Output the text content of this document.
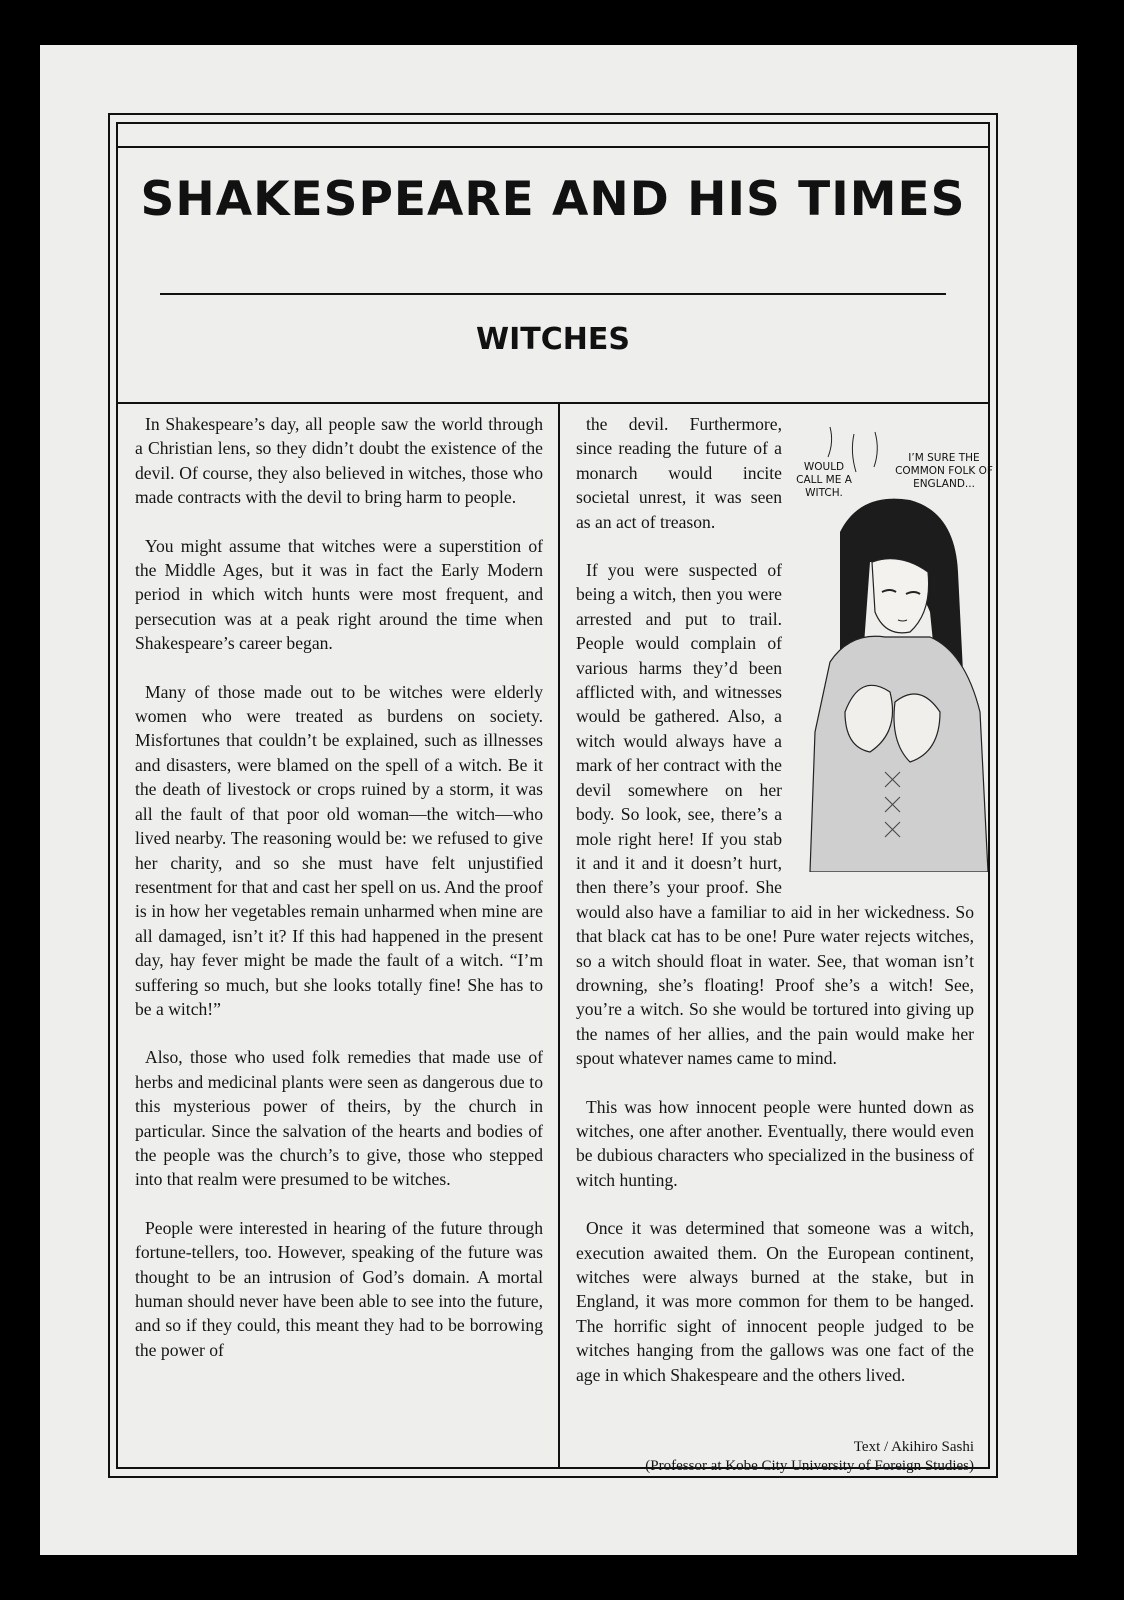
SHAKESPEARE AND HIS TIMES
WITCHES

In Shakespeare’s day, all people saw the world through a Christian lens, so they didn’t doubt the existence of the devil. Of course, they also believed in witches, those who made contracts with the devil to bring harm to people.

You might assume that witches were a superstition of the Middle Ages, but it was in fact the Early Modern period in which witch hunts were most frequent, and persecution was at a peak right around the time when Shakespeare’s career began.

Many of those made out to be witches were elderly women who were treated as burdens on society. Misfortunes that couldn’t be explained, such as illnesses and disasters, were blamed on the spell of a witch. Be it the death of livestock or crops ruined by a storm, it was all the fault of that poor old woman—the witch—who lived nearby. The reasoning would be: we refused to give her charity, and so she must have felt unjustified resentment for that and cast her spell on us. And the proof is in how her vegetables remain unharmed when mine are all damaged, isn’t it? If this had happened in the present day, hay fever might be made the fault of a witch. “I’m suffering so much, but she looks totally fine! She has to be a witch!”

Also, those who used folk remedies that made use of herbs and medicinal plants were seen as dangerous due to this mysterious power of theirs, by the church in particular. Since the salvation of the hearts and bodies of the people was the church’s to give, those who stepped into that realm were presumed to be witches.

People were interested in hearing of the future through fortune-tellers, too. However, speaking of the future was thought to be an intrusion of God’s domain. A mortal human should never have been able to see into the future, and so if they could, this meant they had to be borrowing the power of

WOULD CALL ME A WITCH.
I’M SURE THE COMMON FOLK OF ENGLAND...

the devil. Furthermore, since reading the future of a monarch would incite societal unrest, it was seen as an act of treason.

If you were suspected of being a witch, then you were arrested and put to trail. People would complain of various harms they’d been afflicted with, and witnesses would be gathered. Also, a witch would always have a mark of her contract with the devil somewhere on her body. So look, see, there’s a mole right here! If you stab it and it and it doesn’t hurt, then there’s your proof. She would also have a familiar to aid in her wickedness. So that black cat has to be one! Pure water rejects witches, so a witch should float in water. See, that woman isn’t drowning, she’s floating! Proof she’s a witch! See, you’re a witch. So she would be tortured into giving up the names of her allies, and the pain would make her spout whatever names came to mind.

This was how innocent people were hunted down as witches, one after another. Eventually, there would even be dubious characters who specialized in the business of witch hunting.

Once it was determined that someone was a witch, execution awaited them. On the European continent, witches were always burned at the stake, but in England, it was more common for them to be hanged. The horrific sight of innocent people judged to be witches hanging from the gallows was one fact of the age in which Shakespeare and the others lived.

Text / Akihiro Sashi
(Professor at Kobe City University of Foreign Studies)
